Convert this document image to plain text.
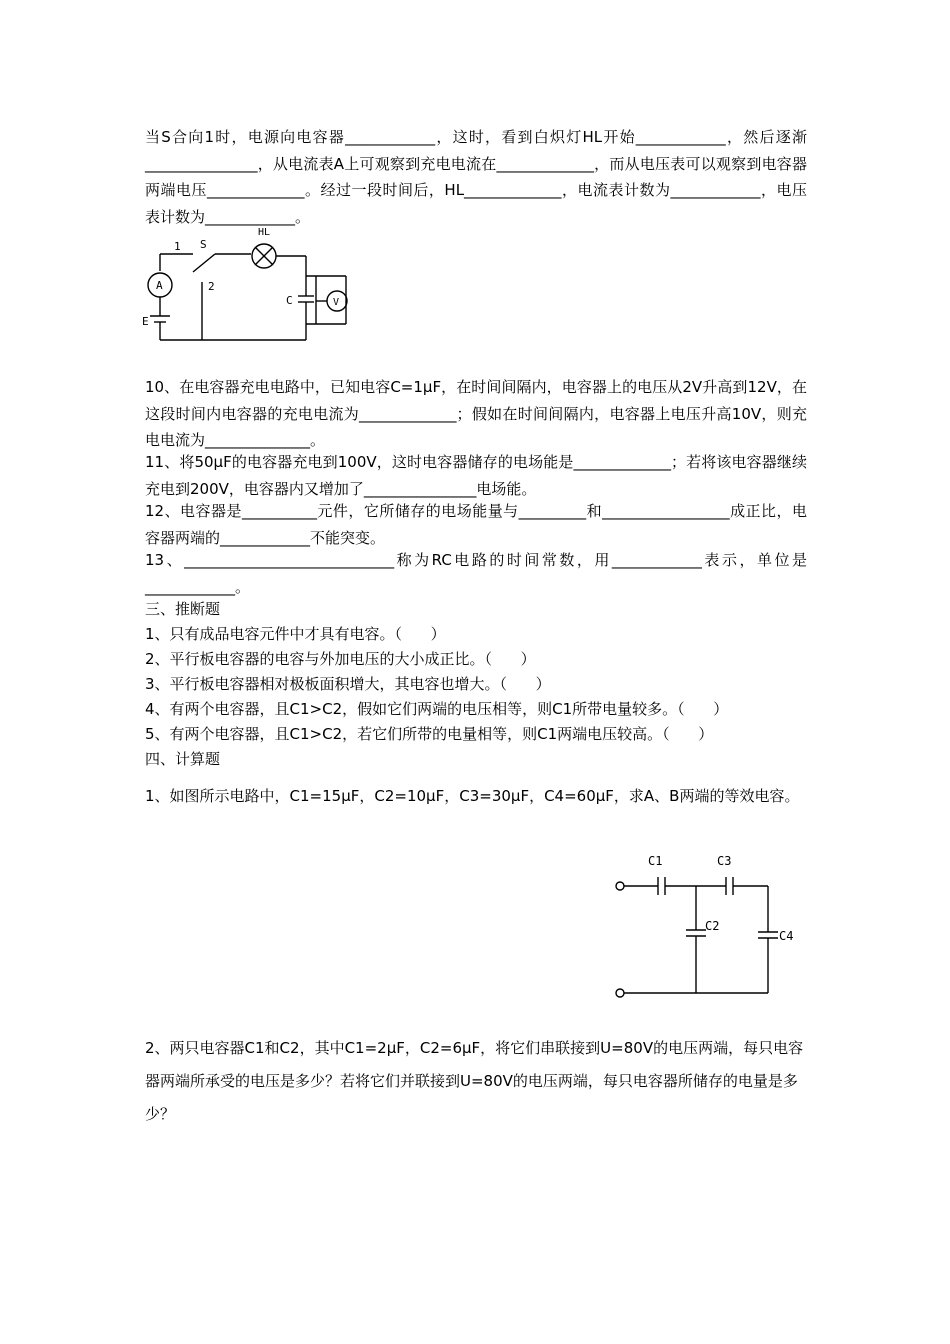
当S合向1时，电源向电容器____________，这时，看到白炽灯HL开始____________，然后逐渐_______________，从电流表A上可观察到充电电流在_____________，而从电压表可以观察到电容器两端电压_____________。经过一段时间后，HL_____________，电流表计数为____________，电压表计数为____________。
1 S
HL
2
A
C	V
E
10、在电容器充电电路中，已知电容C=1μF，在时间间隔内，电容器上的电压从2V升高到12V，在这段时间内电容器的充电电流为_____________；假如在时间间隔内，电容器上电压升高10V，则充电电流为______________。
11、将50μF的电容器充电到100V，这时电容器储存的电场能是_____________；若将该电容器继续充电到200V，电容器内又增加了_______________电场能。
12、电容器是__________元件，它所储存的电场能量与_________和_________________成正比，电容器两端的____________不能突变。
13、____________________________称为RC电路的时间常数，用____________表示，单位是____________。
三、推断题
1、只有成品电容元件中才具有电容。（      ）
2、平行板电容器的电容与外加电压的大小成正比。（      ）
3、平行板电容器相对极板面积增大，其电容也增大。（      ）
4、有两个电容器，且C1>C2，假如它们两端的电压相等，则C1所带电量较多。（      ）
5、有两个电容器，且C1>C2，若它们所带的电量相等，则C1两端电压较高。（      ）
四、计算题
1、如图所示电路中，C1=15μF，C2=10μF，C3=30μF，C4=60μF，求A、B两端的等效电容。
C1	C3
C2
C4
2、两只电容器C1和C2，其中C1=2μF，C2=6μF，将它们串联接到U=80V的电压两端，每只电容器两端所承受的电压是多少？若将它们并联接到U=80V的电压两端，每只电容器所储存的电量是多少？
